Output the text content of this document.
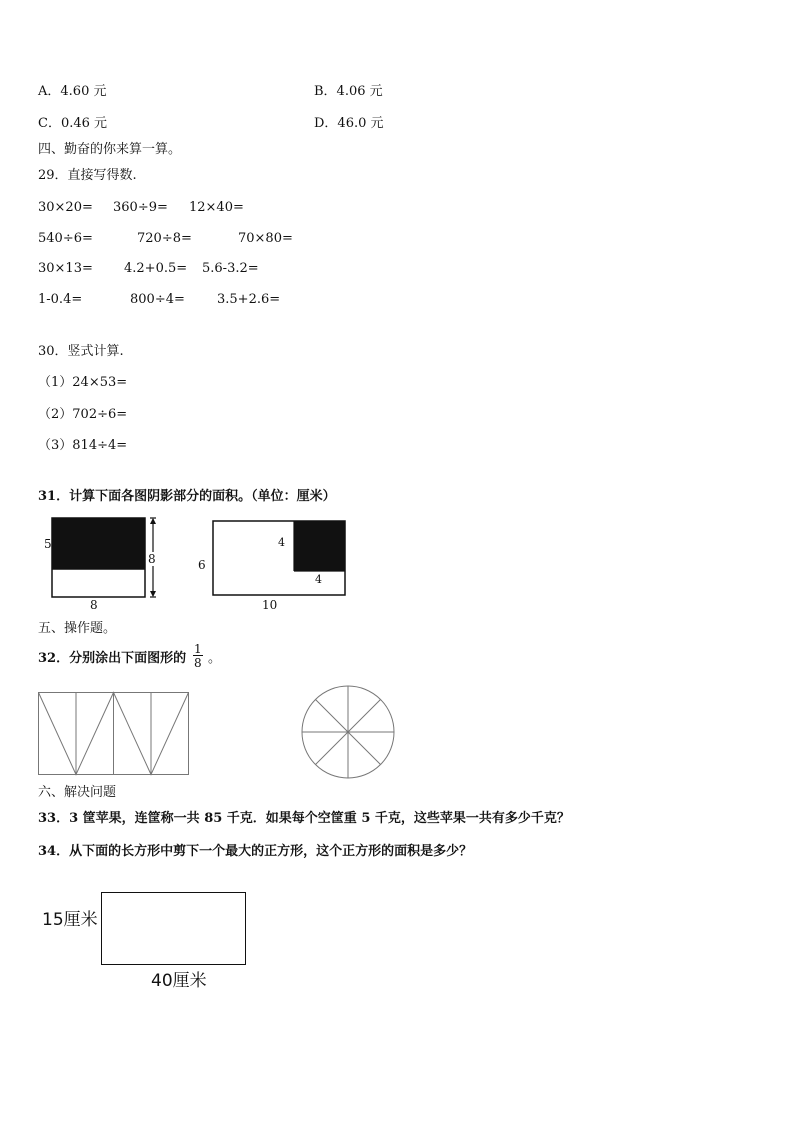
A．4.60 元	B．4.06 元
C．0.46 元	D．46.0 元
四、勤奋的你来算一算。
29．直接写得数.
30×20= 360÷9= 12×40=
540÷6=	720÷8=	70×80=
30×13= 4.2+0.5= 5.6-3.2=
1-0.4=	800÷4= 3.5+2.6=
30．竖式计算.
（1）24×53=
（2）702÷6=
（3）814÷4=
31．计算下面各图阴影部分的面积。（单位：厘米）
5
8
8
6
4
4
10
五、操作题。
32．分别涂出下面图形的 $\frac{1}{8}$ 。
六、解决问题
33．3 筐苹果，连筐称一共 85 千克．如果每个空筐重 5 千克，这些苹果一共有多少千克？
34．从下面的长方形中剪下一个最大的正方形，这个正方形的面积是多少？
15厘米
40厘米
